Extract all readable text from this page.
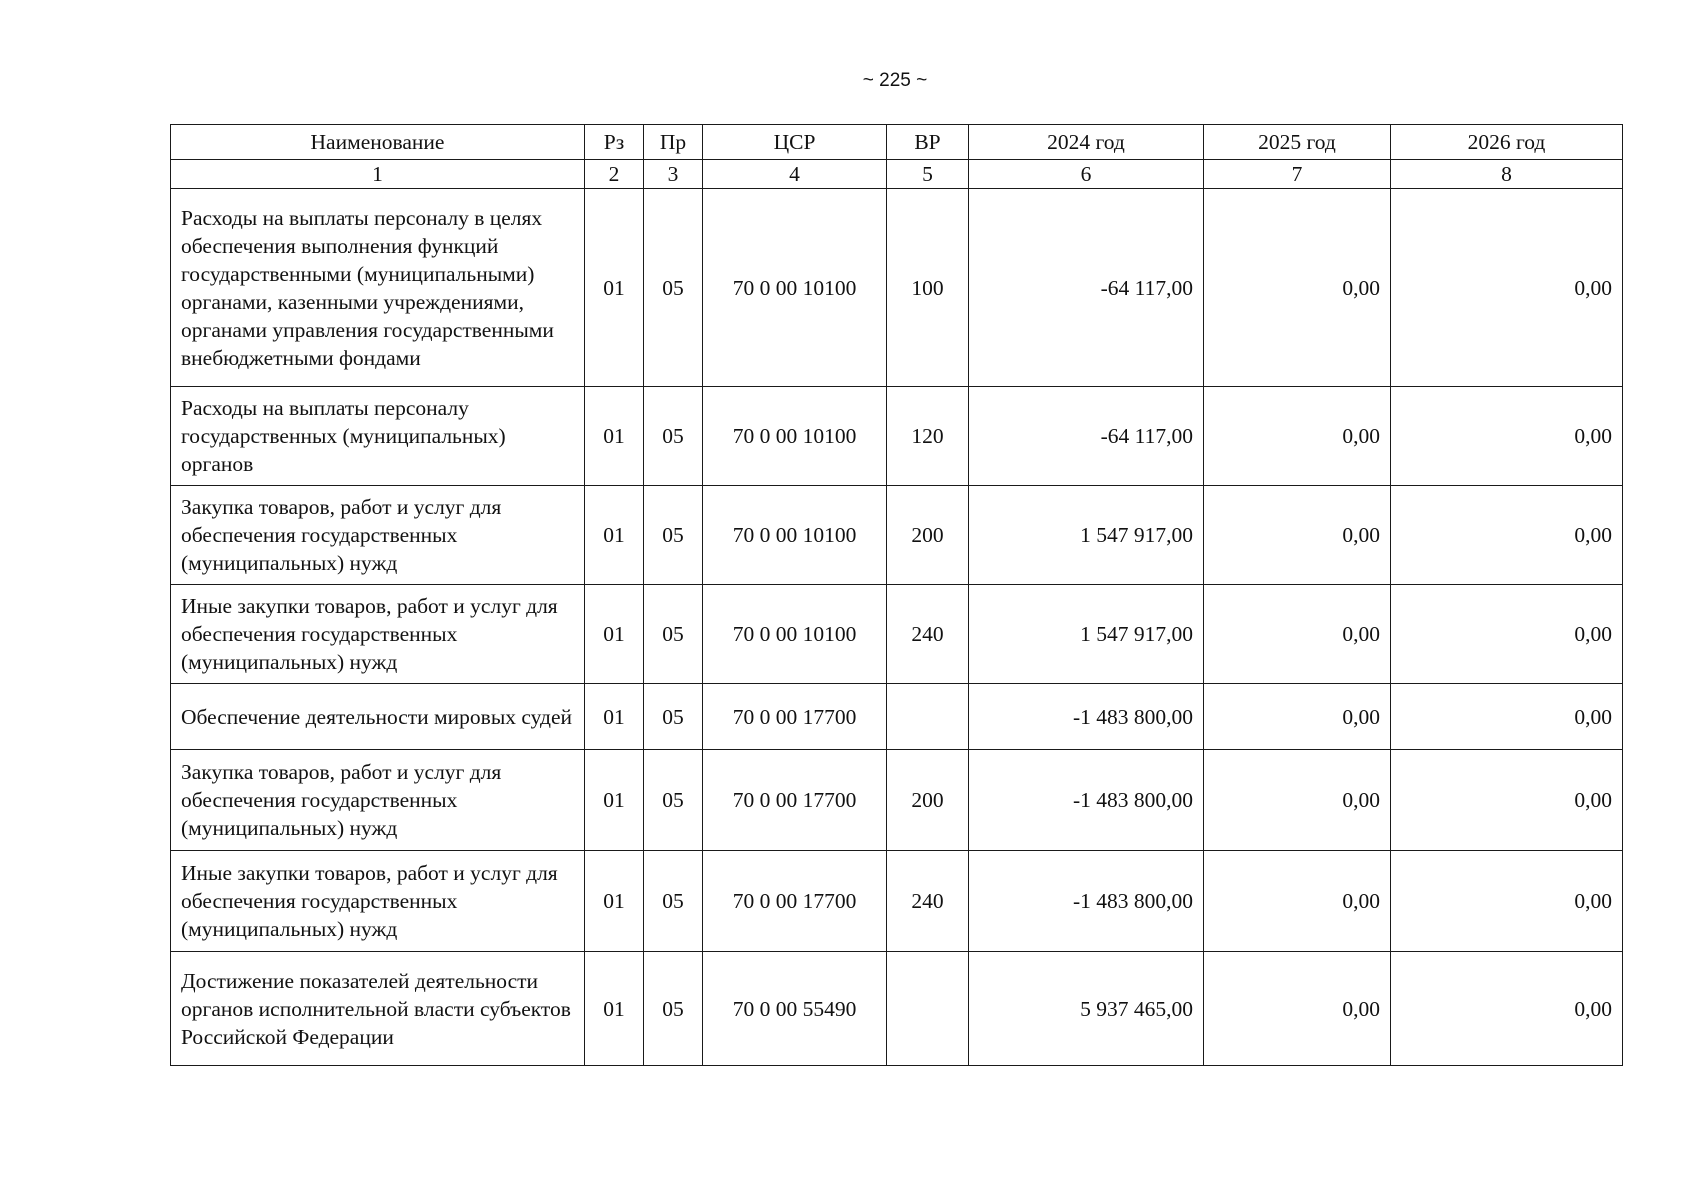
~ 225 ~
Наименование	Рз	Пр	ЦСР	ВР	2024 год	2025 год	2026 год
1	2	3	4	5	6	7	8
Расходы на выплаты персоналу в целях обеспечения выполнения функций государственными (муниципальными) органами, казенными учреждениями, органами управления государственными внебюджетными фондами	01	05	70 0 00 10100	100	-64 117,00	0,00	0,00
Расходы на выплаты персоналу государственных (муниципальных) органов	01	05	70 0 00 10100	120	-64 117,00	0,00	0,00
Закупка товаров, работ и услуг для обеспечения государственных (муниципальных) нужд	01	05	70 0 00 10100	200	1 547 917,00	0,00	0,00
Иные закупки товаров, работ и услуг для обеспечения государственных (муниципальных) нужд	01	05	70 0 00 10100	240	1 547 917,00	0,00	0,00
Обеспечение деятельности мировых судей	01	05	70 0 00 17700		-1 483 800,00	0,00	0,00
Закупка товаров, работ и услуг для обеспечения государственных (муниципальных) нужд	01	05	70 0 00 17700	200	-1 483 800,00	0,00	0,00
Иные закупки товаров, работ и услуг для обеспечения государственных (муниципальных) нужд	01	05	70 0 00 17700	240	-1 483 800,00	0,00	0,00
Достижение показателей деятельности органов исполнительной власти субъектов Российской Федерации	01	05	70 0 00 55490		5 937 465,00	0,00	0,00
